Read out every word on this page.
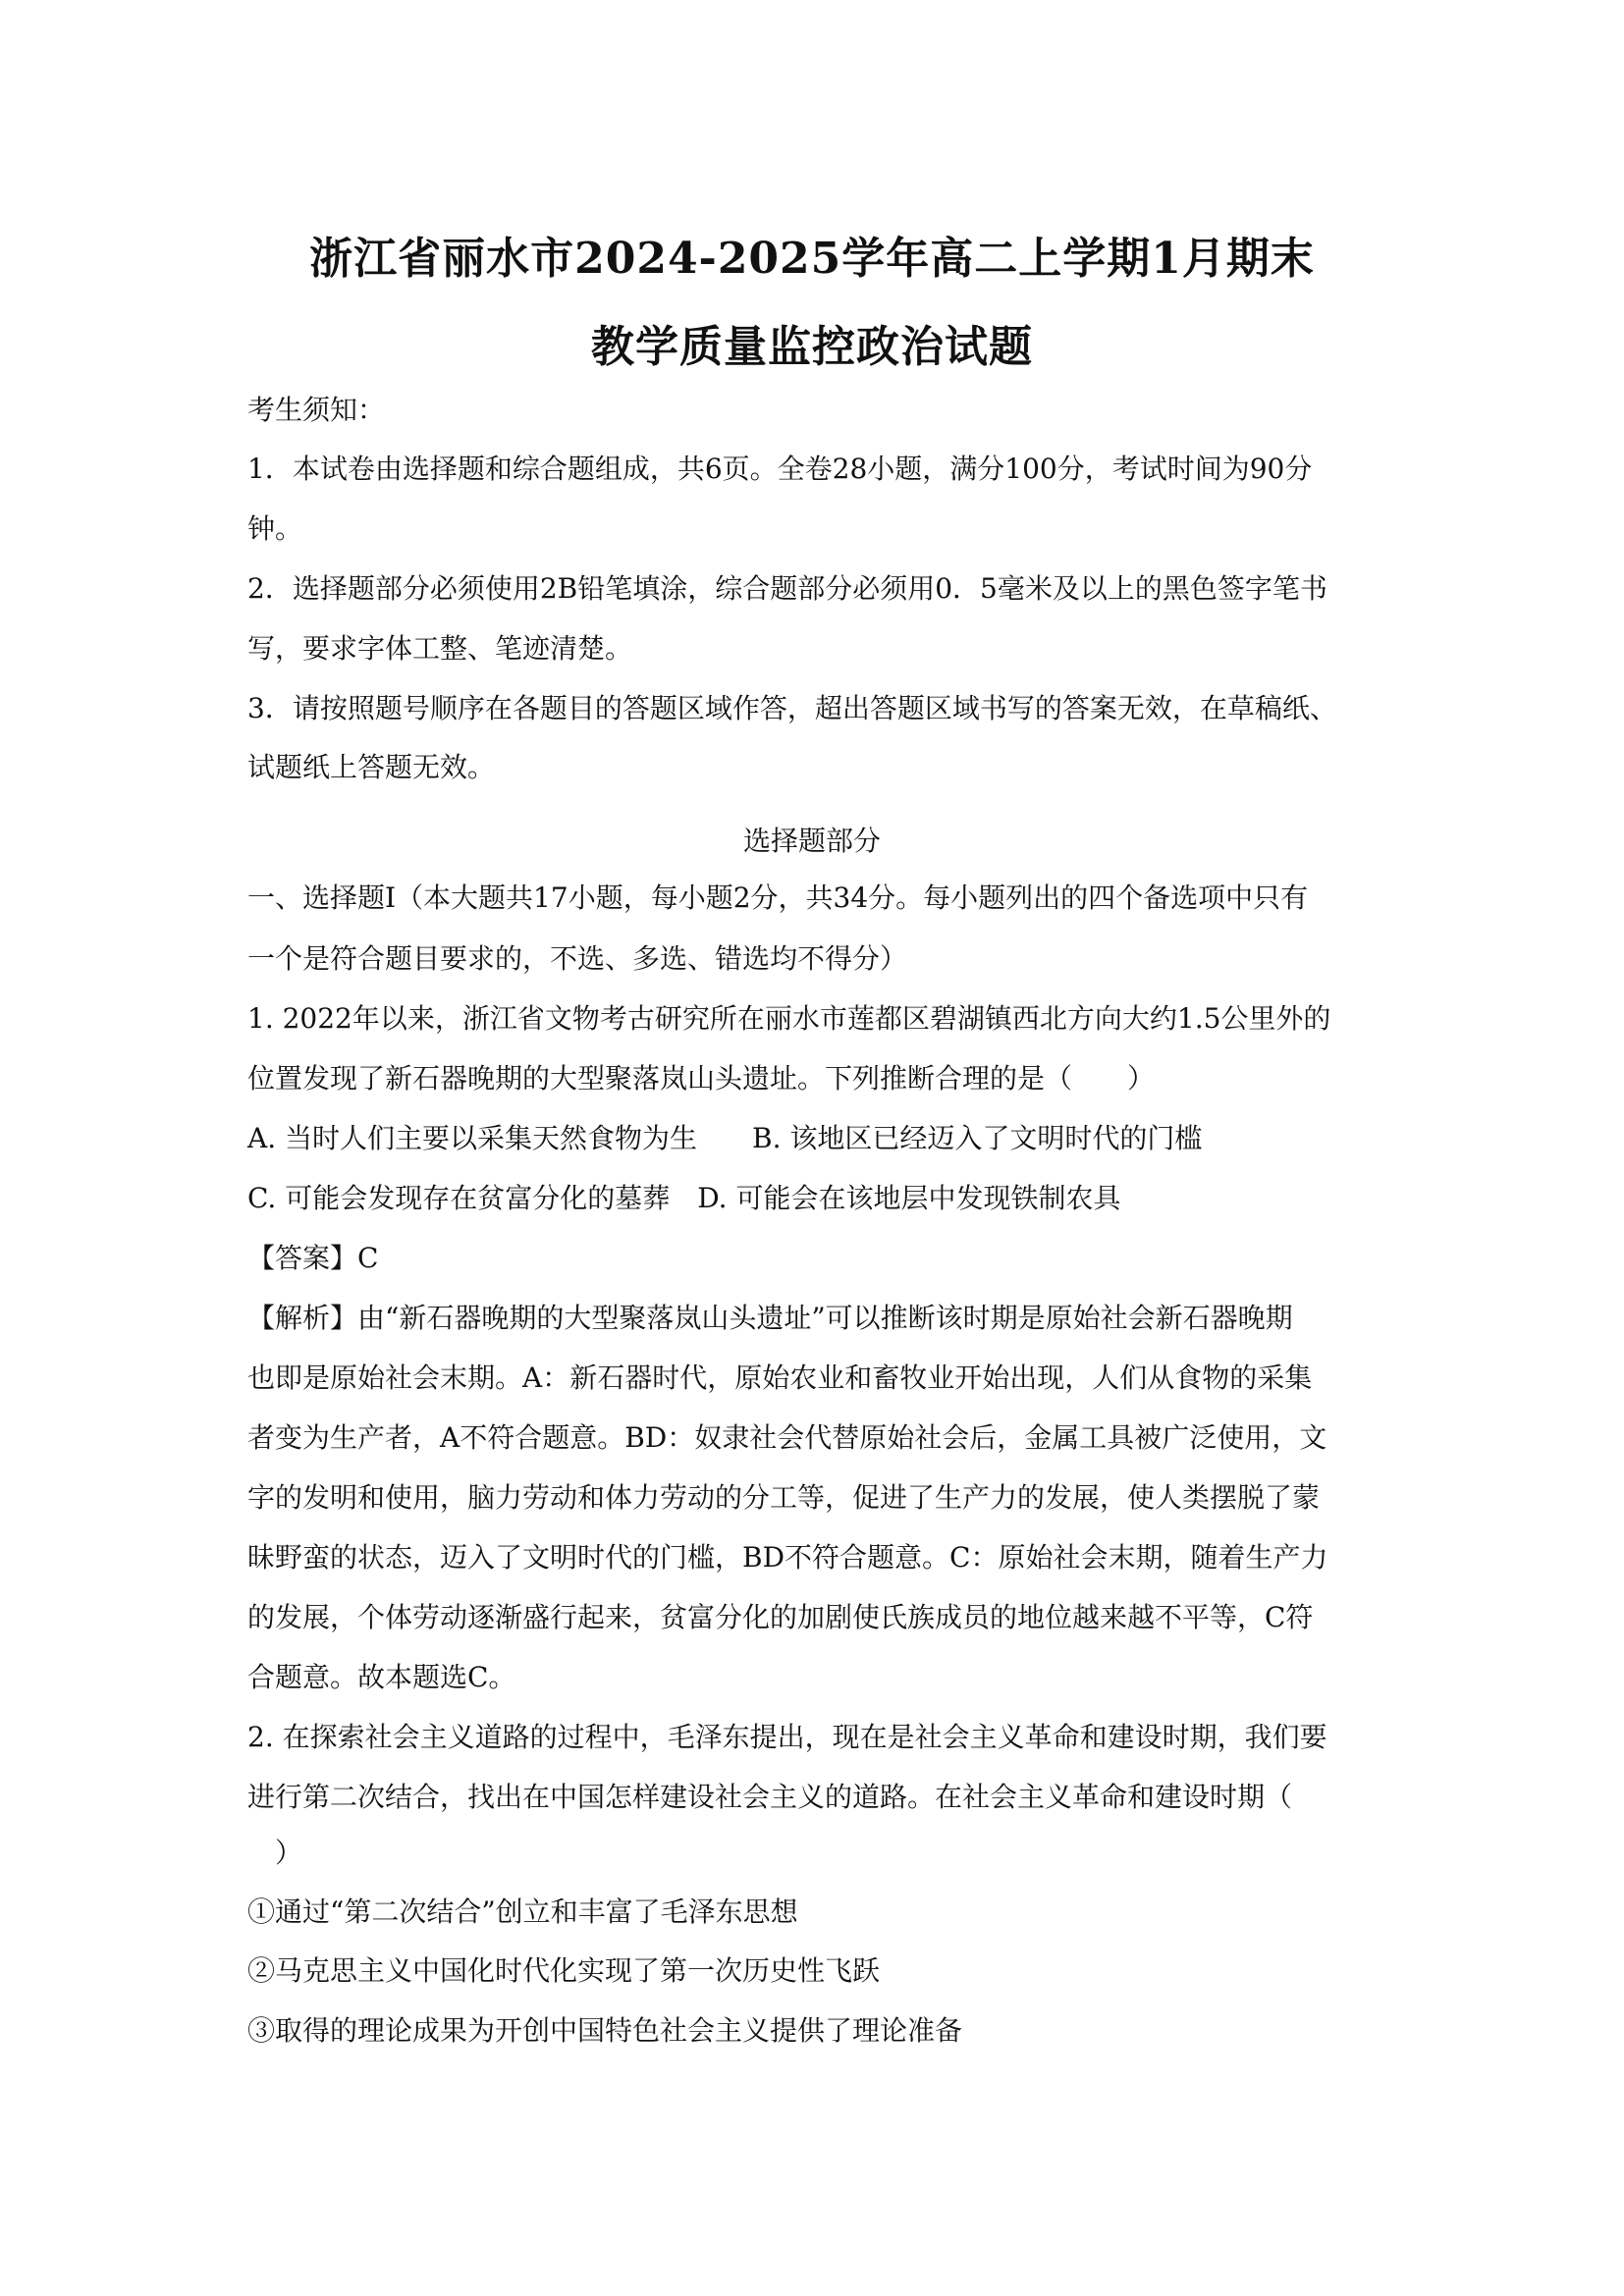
浙江省丽水市2024-2025学年高二上学期1月期末
教学质量监控政治试题
考生须知：
1．本试卷由选择题和综合题组成，共6页。全卷28小题，满分100分，考试时间为90分
钟。
2．选择题部分必须使用2B铅笔填涂，综合题部分必须用0．5毫米及以上的黑色签字笔书
写，要求字体工整、笔迹清楚。
3．请按照题号顺序在各题目的答题区域作答，超出答题区域书写的答案无效，在草稿纸、
试题纸上答题无效。
选择题部分
一、选择题I（本大题共17小题，每小题2分，共34分。每小题列出的四个备选项中只有
一个是符合题目要求的，不选、多选、错选均不得分）
1. 2022年以来，浙江省文物考古研究所在丽水市莲都区碧湖镇西北方向大约1.5公里外的
位置发现了新石器晚期的大型聚落岚山头遗址。下列推断合理的是（　　）
A. 当时人们主要以采集天然食物为生　　B. 该地区已经迈入了文明时代的门槛
C. 可能会发现存在贫富分化的墓葬　D. 可能会在该地层中发现铁制农具
【答案】C
【解析】由“新石器晚期的大型聚落岚山头遗址”可以推断该时期是原始社会新石器晚期
也即是原始社会末期。A：新石器时代，原始农业和畜牧业开始出现，人们从食物的采集
者变为生产者，A不符合题意。BD：奴隶社会代替原始社会后，金属工具被广泛使用，文
字的发明和使用，脑力劳动和体力劳动的分工等，促进了生产力的发展，使人类摆脱了蒙
昧野蛮的状态，迈入了文明时代的门槛，BD不符合题意。C：原始社会末期，随着生产力
的发展，个体劳动逐渐盛行起来，贫富分化的加剧使氏族成员的地位越来越不平等，C符
合题意。故本题选C。
2. 在探索社会主义道路的过程中，毛泽东提出，现在是社会主义革命和建设时期，我们要
进行第二次结合，找出在中国怎样建设社会主义的道路。在社会主义革命和建设时期（
　）
①通过“第二次结合”创立和丰富了毛泽东思想
②马克思主义中国化时代化实现了第一次历史性飞跃
③取得的理论成果为开创中国特色社会主义提供了理论准备
